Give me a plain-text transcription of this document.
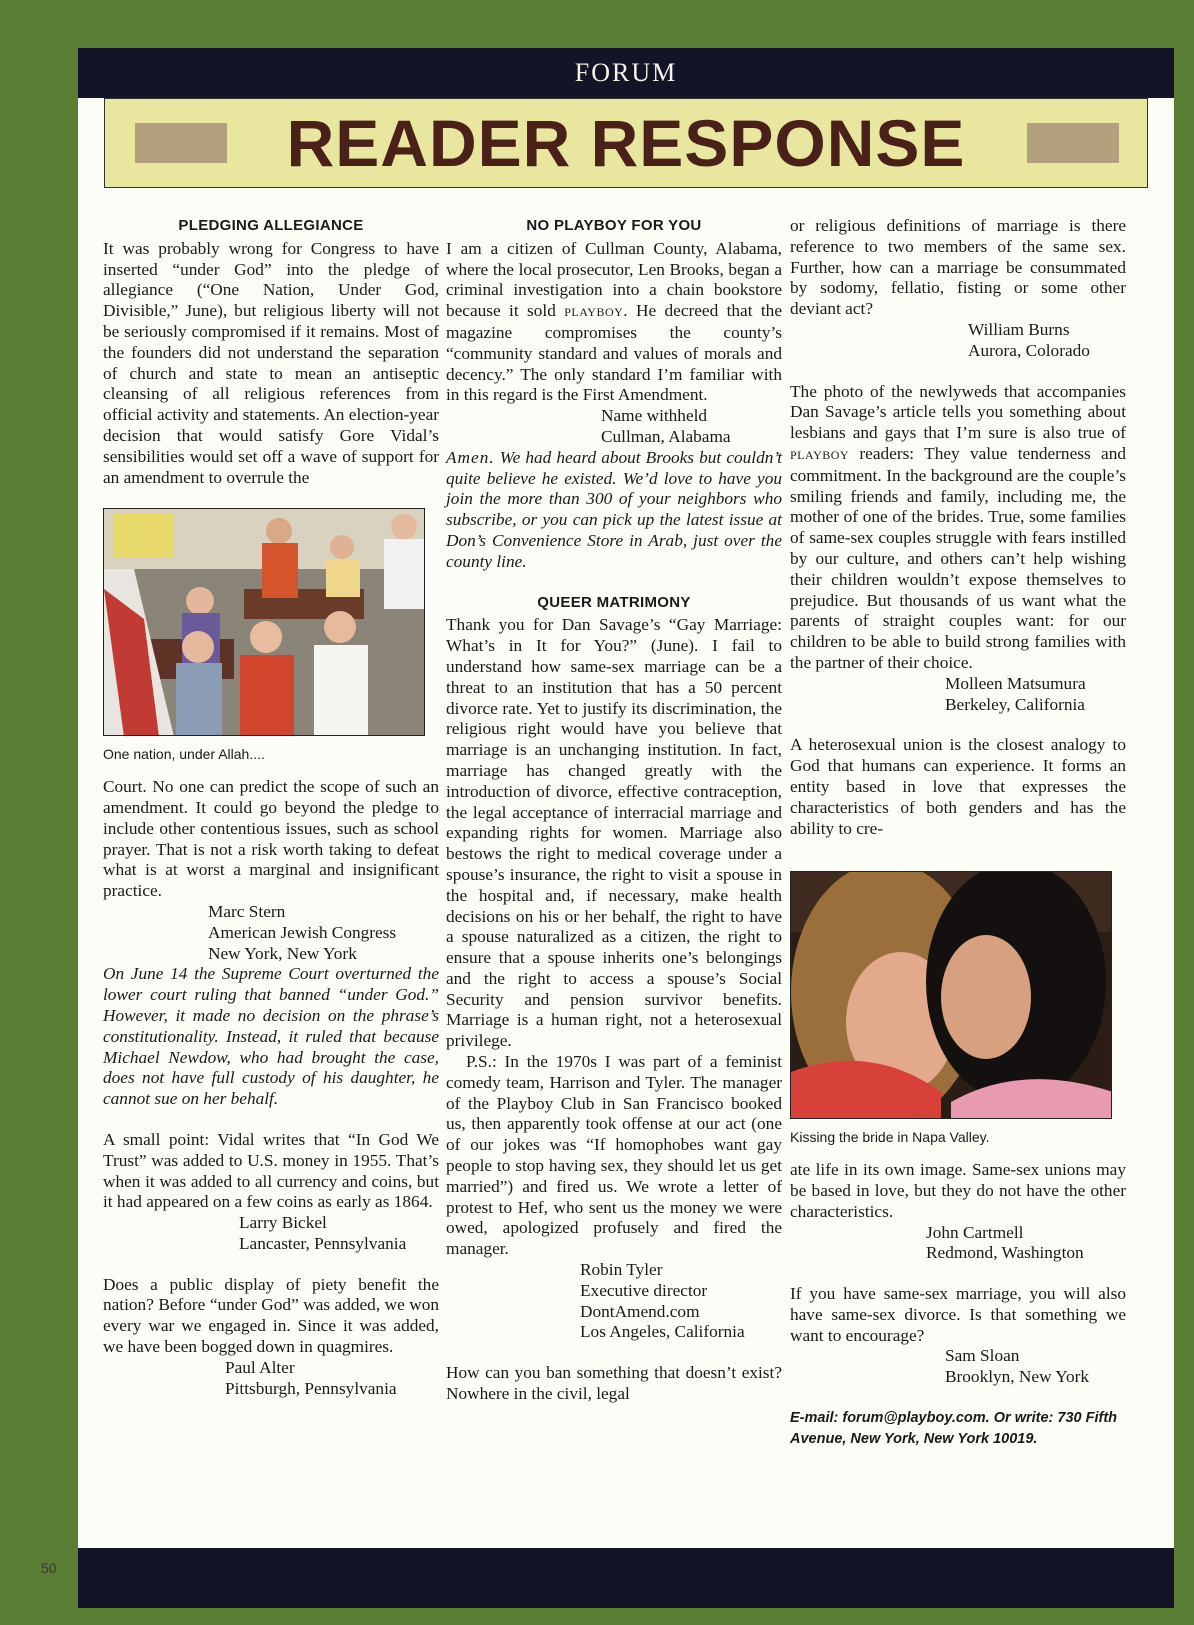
FORUM
READER RESPONSE
PLEDGING ALLEGIANCE

It was probably wrong for Congress to have inserted “under God” into the pledge of allegiance (“One Nation, Under God, Divisible,” June), but religious liberty will not be seriously compromised if it remains. Most of the founders did not understand the separation of church and state to mean an antiseptic cleansing of all religious references from official activity and statements. An election-year decision that would satisfy Gore Vidal’s sensibilities would set off a wave of support for an amendment to overrule the

One nation, under Allah....

Court. No one can predict the scope of such an amendment. It could go beyond the pledge to include other contentious issues, such as school prayer. That is not a risk worth taking to defeat what is at worst a marginal and insignificant practice.

Marc Stern

American Jewish Congress

New York, New York

On June 14 the Supreme Court overturned the lower court ruling that banned “under God.” However, it made no decision on the phrase’s constitutionality. Instead, it ruled that because Michael Newdow, who had brought the case, does not have full custody of his daughter, he cannot sue on her behalf.

A small point: Vidal writes that “In God We Trust” was added to U.S. money in 1955. That’s when it was added to all currency and coins, but it had appeared on a few coins as early as 1864.

Larry Bickel

Lancaster, Pennsylvania

Does a public display of piety benefit the nation? Before “under God” was added, we won every war we engaged in. Since it was added, we have been bogged down in quagmires.

Paul Alter

Pittsburgh, Pennsylvania

NO PLAYBOY FOR YOU

I am a citizen of Cullman County, Alabama, where the local prosecutor, Len Brooks, began a criminal investigation into a chain bookstore because it sold PLAYBOY. He decreed that the magazine compromises the county’s “community standard and values of morals and decency.” The only standard I’m familiar with in this regard is the First Amendment.

Name withheld

Cullman, Alabama

Amen. We had heard about Brooks but couldn’t quite believe he existed. We’d love to have you join the more than 300 of your neighbors who subscribe, or you can pick up the latest issue at Don’s Convenience Store in Arab, just over the county line.

QUEER MATRIMONY

Thank you for Dan Savage’s “Gay Marriage: What’s in It for You?” (June). I fail to understand how same-sex marriage can be a threat to an institution that has a 50 percent divorce rate. Yet to justify its discrimination, the religious right would have you believe that marriage is an unchanging institution. In fact, marriage has changed greatly with the introduction of divorce, effective contraception, the legal acceptance of interracial marriage and expanding rights for women. Marriage also bestows the right to medical coverage under a spouse’s insurance, the right to visit a spouse in the hospital and, if necessary, make health decisions on his or her behalf, the right to have a spouse naturalized as a citizen, the right to ensure that a spouse inherits one’s belongings and the right to access a spouse’s Social Security and pension survivor benefits. Marriage is a human right, not a heterosexual privilege.

P.S.: In the 1970s I was part of a feminist comedy team, Harrison and Tyler. The manager of the Playboy Club in San Francisco booked us, then apparently took offense at our act (one of our jokes was “If homophobes want gay people to stop having sex, they should let us get married”) and fired us. We wrote a letter of protest to Hef, who sent us the money we were owed, apologized profusely and fired the manager.

Robin Tyler

Executive director

DontAmend.com

Los Angeles, California

How can you ban something that doesn’t exist? Nowhere in the civil, legal

or religious definitions of marriage is there reference to two members of the same sex. Further, how can a marriage be consummated by sodomy, fellatio, fisting or some other deviant act?

William Burns

Aurora, Colorado

The photo of the newlyweds that accompanies Dan Savage’s article tells you something about lesbians and gays that I’m sure is also true of PLAYBOY readers: They value tenderness and commitment. In the background are the couple’s smiling friends and family, including me, the mother of one of the brides. True, some families of same-sex couples struggle with fears instilled by our culture, and others can’t help wishing their children wouldn’t expose themselves to prejudice. But thousands of us want what the parents of straight couples want: for our children to be able to build strong families with the partner of their choice.

Molleen Matsumura

Berkeley, California

A heterosexual union is the closest analogy to God that humans can experience. It forms an entity based in love that expresses the characteristics of both genders and has the ability to cre-

Kissing the bride in Napa Valley.

ate life in its own image. Same-sex unions may be based in love, but they do not have the other characteristics.

John Cartmell

Redmond, Washington

If you have same-sex marriage, you will also have same-sex divorce. Is that something we want to encourage?

Sam Sloan

Brooklyn, New York

E-mail: forum@playboy.com. Or write: 730 Fifth Avenue, New York, New York 10019.

50
